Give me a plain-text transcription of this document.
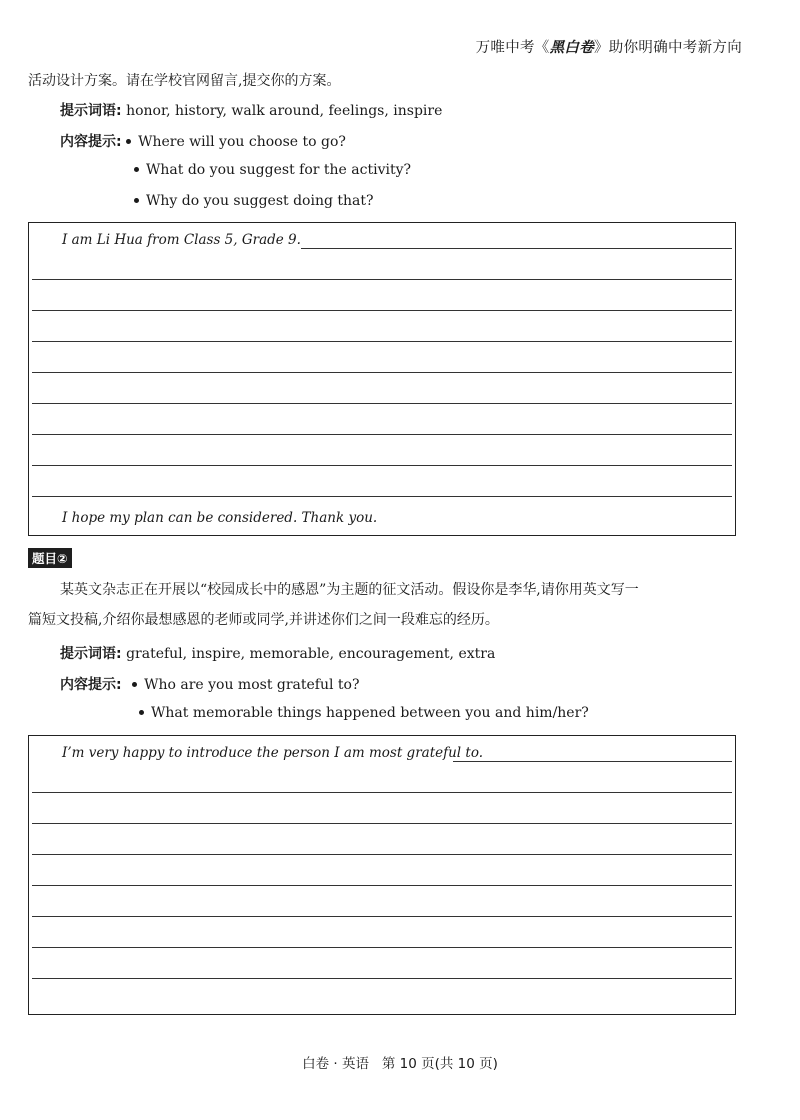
万唯中考《黑白卷》助你明确中考新方向
活动设计方案。请在学校官网留言,提交你的方案。
提示词语: honor, history, walk around, feelings, inspire
内容提示: Where will you choose to go?
What do you suggest for the activity?
Why do you suggest doing that?
I am Li Hua from Class 5, Grade 9.
I hope my plan can be considered. Thank you.
题目②
某英文杂志正在开展以“校园成长中的感恩”为主题的征文活动。假设你是李华,请你用英文写一
篇短文投稿,介绍你最想感恩的老师或同学,并讲述你们之间一段难忘的经历。
提示词语: grateful, inspire, memorable, encouragement, extra
内容提示: Who are you most grateful to?
What memorable things happened between you and him/her?
I’m very happy to introduce the person I am most grateful to.
白卷 · 英语   第 10 页(共 10 页)
